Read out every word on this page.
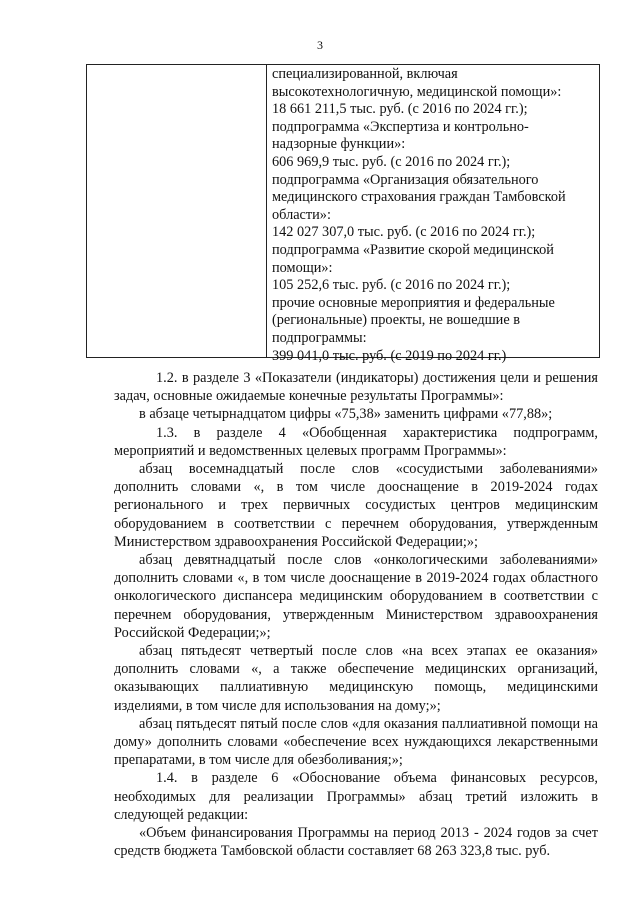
3
специализированной, включая
высокотехнологичную, медицинской помощи»:
18 661 211,5 тыс. руб. (с 2016 по 2024 гг.);
подпрограмма «Экспертиза и контрольно-
надзорные функции»:
606 969,9 тыс. руб. (с 2016 по 2024 гг.);
подпрограмма «Организация обязательного
медицинского страхования граждан Тамбовской
области»:
142 027 307,0 тыс. руб. (с 2016 по 2024 гг.);
подпрограмма «Развитие скорой медицинской
помощи»:
105 252,6 тыс. руб. (с 2016 по 2024 гг.);
прочие основные мероприятия и федеральные
(региональные) проекты, не вошедшие в
подпрограммы:
399 041,0 тыс. руб. (с 2019 по 2024 гг.)
1.2. в разделе 3 «Показатели (индикаторы) достижения цели и решения задач, основные ожидаемые конечные результаты Программы»:
в абзаце четырнадцатом цифры «75,38» заменить цифрами «77,88»;
1.3. в разделе 4 «Обобщенная характеристика подпрограмм, мероприятий и ведомственных целевых программ Программы»:
абзац восемнадцатый после слов «сосудистыми заболеваниями» дополнить словами «, в том числе дооснащение в 2019-2024 годах регионального и трех первичных сосудистых центров медицинским оборудованием в соответствии с перечнем оборудования, утвержденным Министерством здравоохранения Российской Федерации;»;
абзац девятнадцатый после слов «онкологическими заболеваниями» дополнить словами «, в том числе дооснащение в 2019-2024 годах областного онкологического диспансера медицинским оборудованием в соответствии с перечнем оборудования, утвержденным Министерством здравоохранения Российской Федерации;»;
абзац пятьдесят четвертый после слов «на всех этапах ее оказания» дополнить словами «, а также обеспечение медицинских организаций, оказывающих паллиативную медицинскую помощь, медицинскими изделиями, в том числе для использования на дому;»;
абзац пятьдесят пятый после слов «для оказания паллиативной помощи на дому» дополнить словами «обеспечение всех нуждающихся лекарственными препаратами, в том числе для обезболивания;»;
1.4. в разделе 6 «Обоснование объема финансовых ресурсов, необходимых для реализации Программы» абзац третий изложить в следующей редакции:
«Объем финансирования Программы на период 2013 - 2024 годов за счет средств бюджета Тамбовской области составляет 68 263 323,8 тыс. руб.
